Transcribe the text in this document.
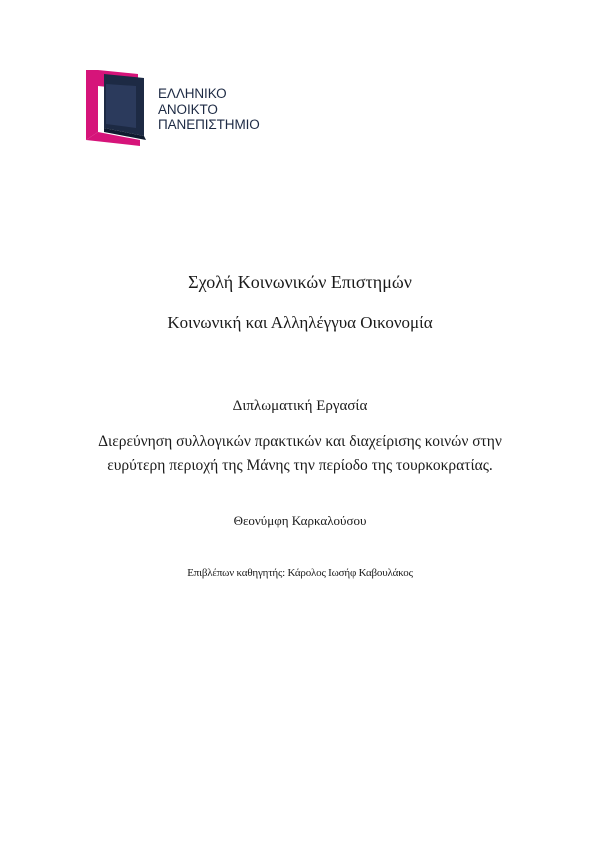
ΕΛΛΗΝΙΚΟ
ΑΝΟΙΚΤΟ
ΠΑΝΕΠΙΣΤΗΜΙΟ
Σχολή Κοινωνικών Επιστημών
Κοινωνική και Αλληλέγγυα Οικονομία
Διπλωματική Εργασία
Διερεύνηση συλλογικών πρακτικών και διαχείρισης κοινών στην
ευρύτερη περιοχή της Μάνης την περίοδο της τουρκοκρατίας.
Θεονύμφη Καρκαλούσου
Επιβλέπων καθηγητής: Κάρολος Ιωσήφ Καβουλάκος
